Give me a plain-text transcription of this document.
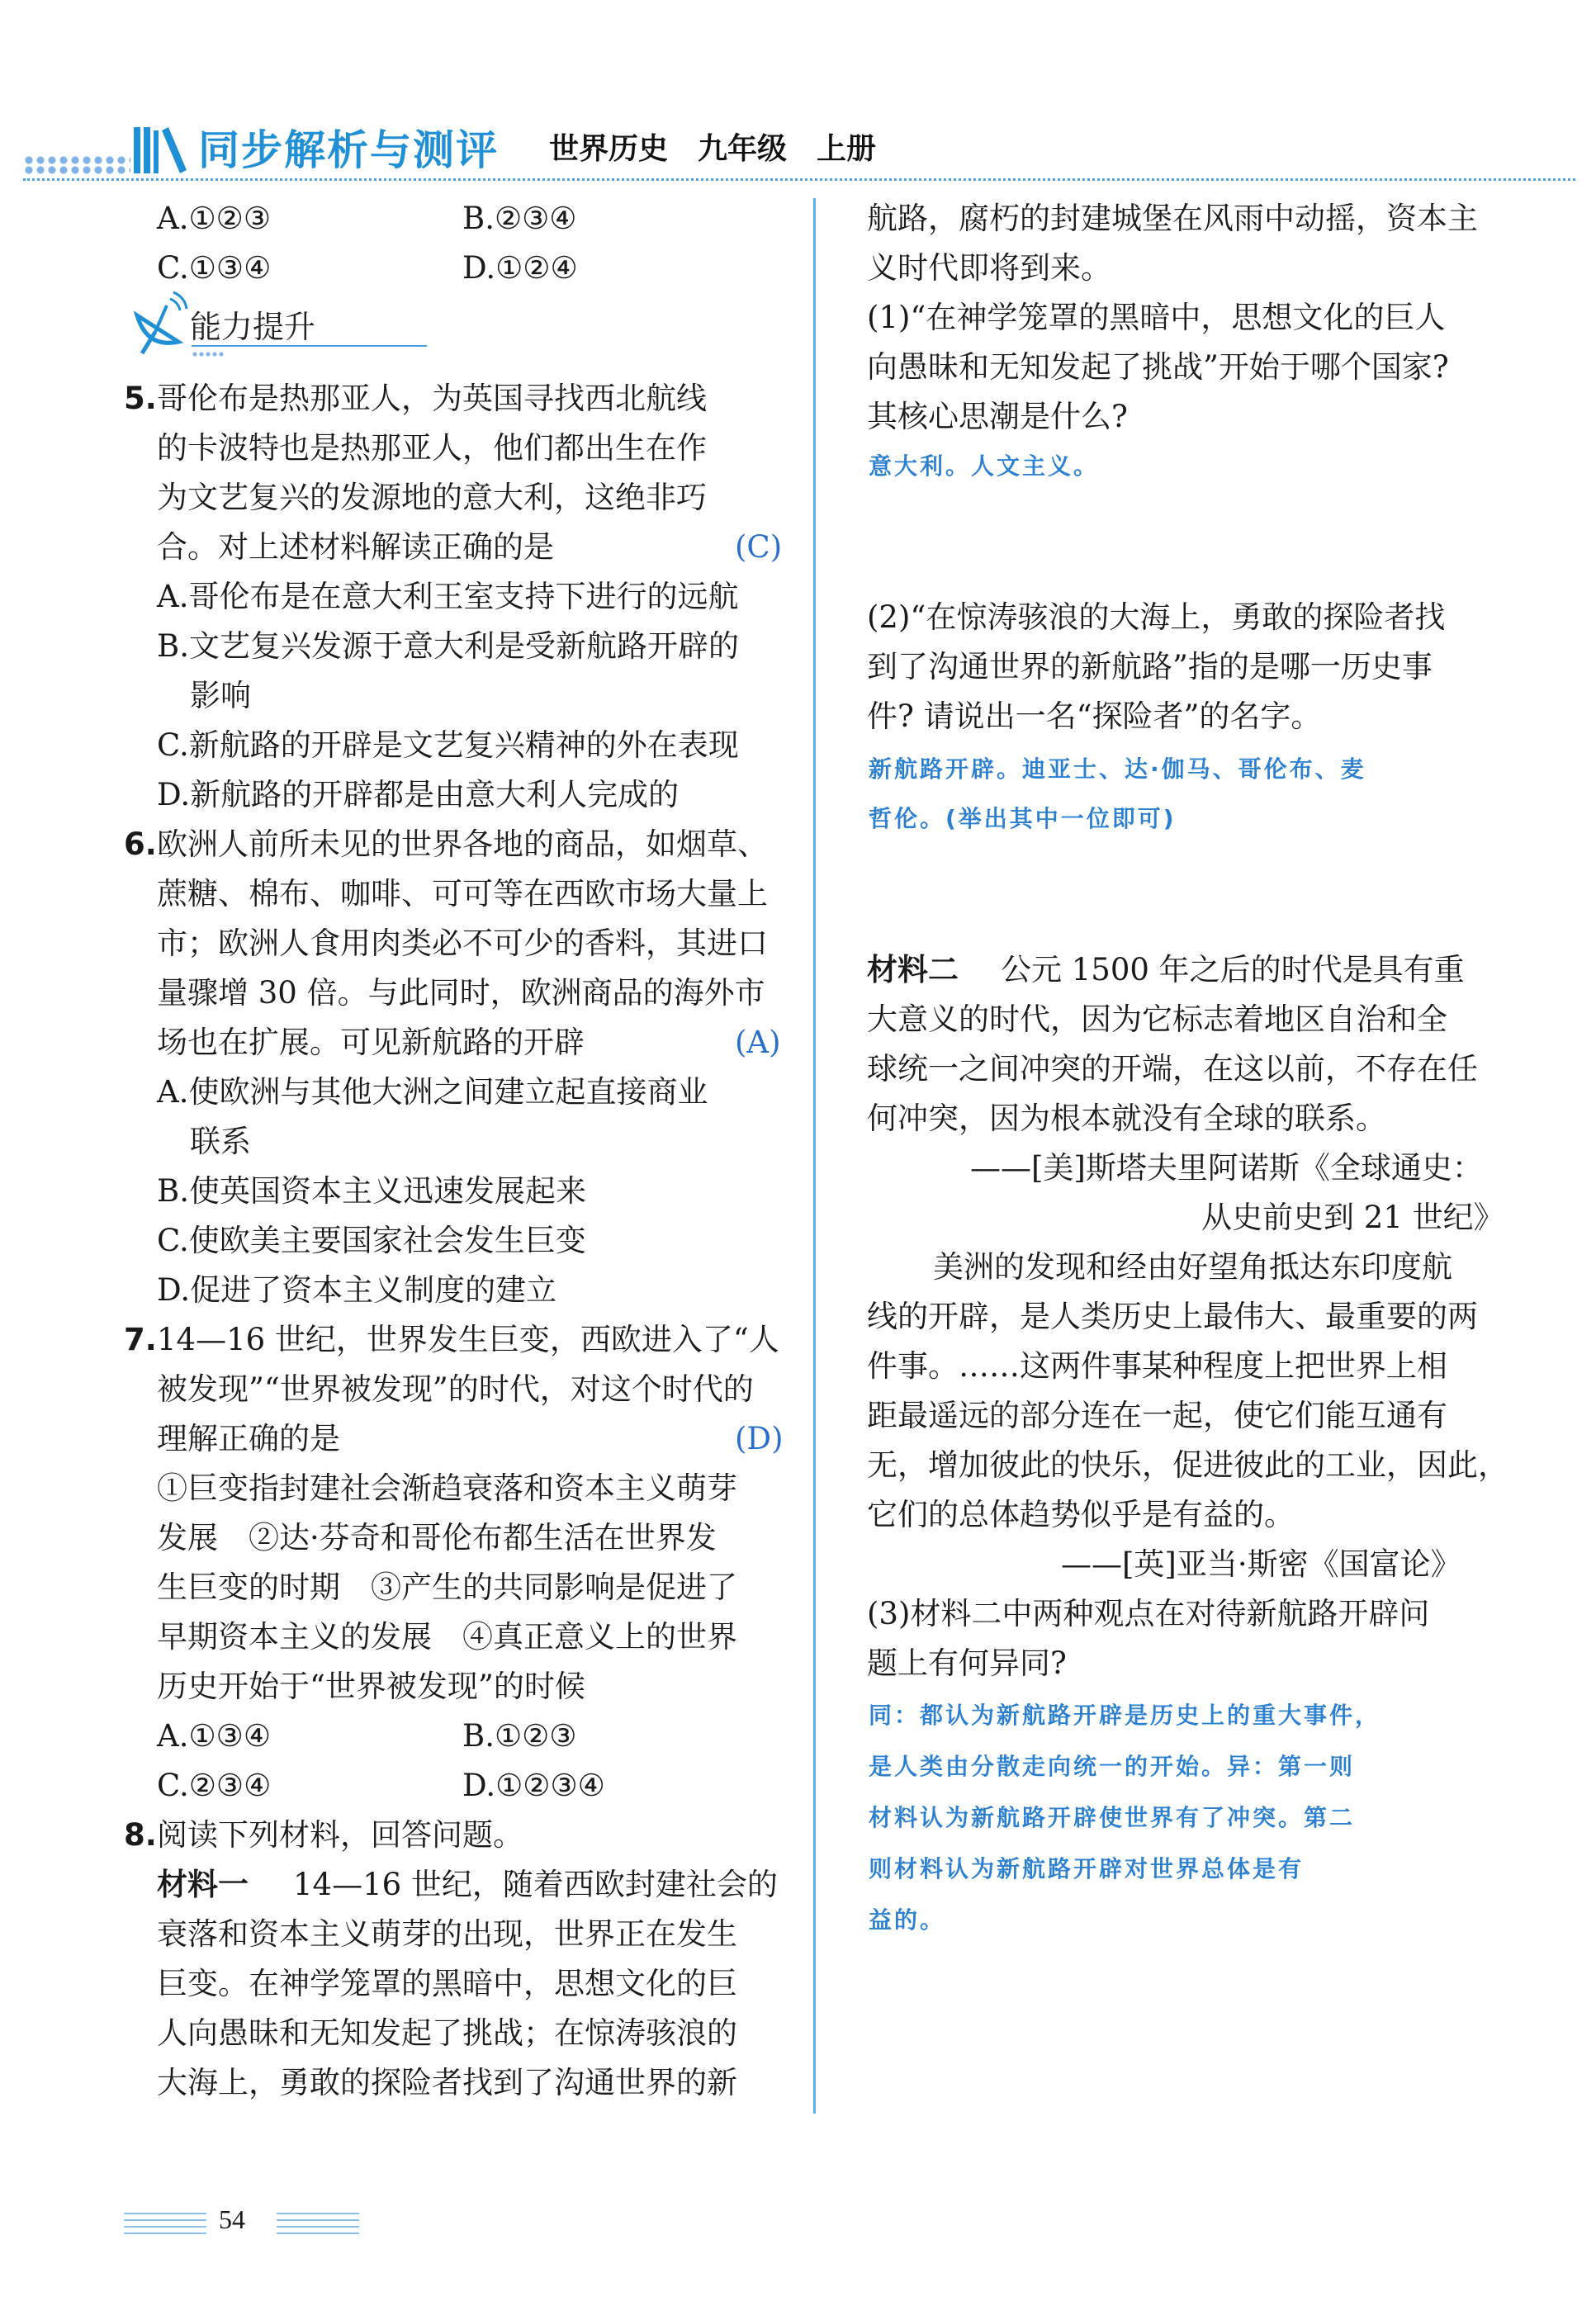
同步解析与测评 世界历史　九年级　上册
A.①②③	B.②③④
C.①③④	D.①②④
能力提升
5. 哥伦布是热那亚人，为英国寻找西北航线
的卡波特也是热那亚人，他们都出生在作
为文艺复兴的发源地的意大利，这绝非巧
合。对上述材料解读正确的是	(C)
A.哥伦布是在意大利王室支持下进行的远航
B.文艺复兴发源于意大利是受新航路开辟的
影响
C.新航路的开辟是文艺复兴精神的外在表现
D.新航路的开辟都是由意大利人完成的
6. 欧洲人前所未见的世界各地的商品，如烟草、
蔗糖、棉布、咖啡、可可等在西欧市场大量上
市；欧洲人食用肉类必不可少的香料，其进口
量骤增 30 倍。与此同时，欧洲商品的海外市
场也在扩展。可见新航路的开辟	(A)
A.使欧洲与其他大洲之间建立起直接商业
联系
B.使英国资本主义迅速发展起来
C.使欧美主要国家社会发生巨变
D.促进了资本主义制度的建立
7. 14—16 世纪，世界发生巨变，西欧进入了“人
被发现”“世界被发现”的时代，对这个时代的
理解正确的是	(D)
①巨变指封建社会渐趋衰落和资本主义萌芽
发展　②达·芬奇和哥伦布都生活在世界发
生巨变的时期　③产生的共同影响是促进了
早期资本主义的发展　④真正意义上的世界
历史开始于“世界被发现”的时候
A.①③④	B.①②③
C.②③④	D.①②③④
8. 阅读下列材料，回答问题。
材料一 14—16 世纪，随着西欧封建社会的
衰落和资本主义萌芽的出现，世界正在发生
巨变。在神学笼罩的黑暗中，思想文化的巨
人向愚昧和无知发起了挑战；在惊涛骇浪的
大海上，勇敢的探险者找到了沟通世界的新
航路，腐朽的封建城堡在风雨中动摇，资本主
义时代即将到来。
(1)“在神学笼罩的黑暗中，思想文化的巨人
向愚昧和无知发起了挑战”开始于哪个国家?
其核心思潮是什么?
意大利。人文主义。
(2)“在惊涛骇浪的大海上，勇敢的探险者找
到了沟通世界的新航路”指的是哪一历史事
件? 请说出一名“探险者”的名字。
新航路开辟。迪亚士、达·伽马、哥伦布、麦
哲伦。(举出其中一位即可)
材料二 公元 1500 年之后的时代是具有重
大意义的时代，因为它标志着地区自治和全
球统一之间冲突的开端，在这以前，不存在任
何冲突，因为根本就没有全球的联系。
——[美]斯塔夫里阿诺斯《全球通史：
从史前史到 21 世纪》
美洲的发现和经由好望角抵达东印度航
线的开辟，是人类历史上最伟大、最重要的两
件事。……这两件事某种程度上把世界上相
距最遥远的部分连在一起，使它们能互通有
无，增加彼此的快乐，促进彼此的工业，因此，
它们的总体趋势似乎是有益的。
——[英]亚当·斯密《国富论》
(3)材料二中两种观点在对待新航路开辟问
题上有何异同?
同：都认为新航路开辟是历史上的重大事件，
是人类由分散走向统一的开始。异：第一则
材料认为新航路开辟使世界有了冲突。第二
则材料认为新航路开辟对世界总体是有
益的。
54
